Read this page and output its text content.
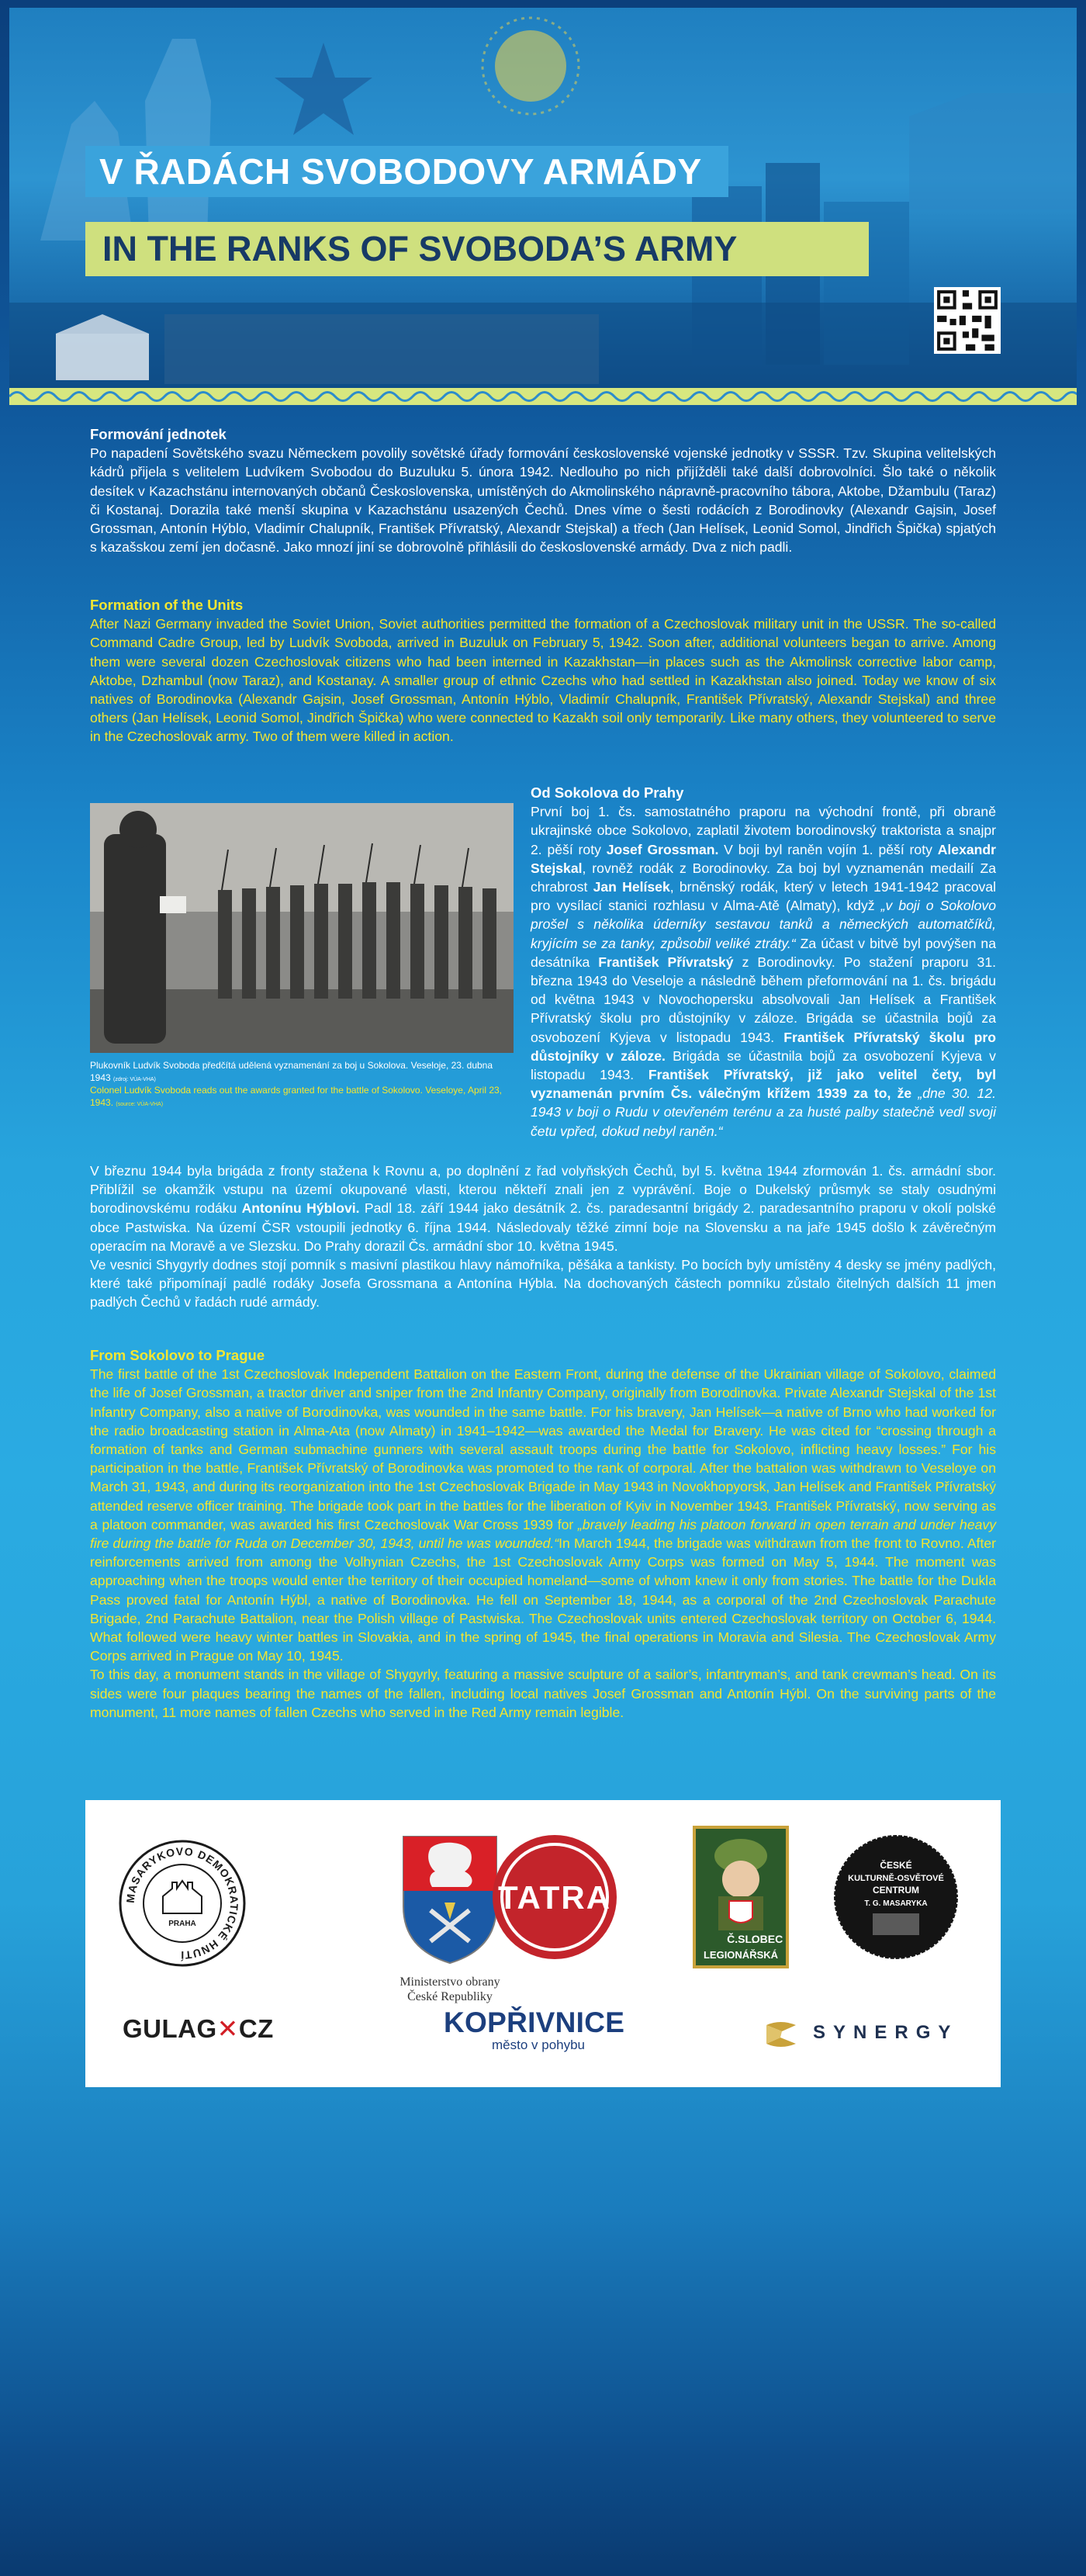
V ŘADÁCH SVOBODOVY ARMÁDY
IN THE RANKS OF SVOBODA’S ARMY
Formování jednotek

Po napadení Sovětského svazu Německem povolily sovětské úřady formování československé vojenské jednotky v SSSR. Tzv. Skupina velitelských kádrů přijela s velitelem Ludvíkem Svobodou do Buzuluku 5. února 1942. Nedlouho po nich přijížděli také další dobrovolníci. Šlo také o několik desítek v Kazachstánu internovaných občanů Československa, umístěných do Akmolinského nápravně-pracovního tábora, Aktobe, Džambulu (Taraz) či Kostanaj. Dorazila také menší skupina v Kazachstánu usazených Čechů. Dnes víme o šesti rodácích z Borodinovky (Alexandr Gajsin, Josef Grossman, Antonín Hýblo, Vladimír Chalupník, František Přívratský, Alexandr Stejskal) a třech (Jan Helísek, Leonid Somol, Jindřich Špička) spjatých s kazašskou zemí jen dočasně. Jako mnozí jiní se dobrovolně přihlásili do československé armády. Dva z nich padli.

Formation of the Units

After Nazi Germany invaded the Soviet Union, Soviet authorities permitted the formation of a Czechoslovak military unit in the USSR. The so-called Command Cadre Group, led by Ludvík Svoboda, arrived in Buzuluk on February 5, 1942. Soon after, additional volunteers began to arrive. Among them were several dozen Czechoslovak citizens who had been interned in Kazakhstan—in places such as the Akmolinsk corrective labor camp, Aktobe, Dzhambul (now Taraz), and Kostanay. A smaller group of ethnic Czechs who had settled in Kazakhstan also joined. Today we know of six natives of Borodinovka (Alexandr Gajsin, Josef Grossman, Antonín Hýblo, Vladimír Chalupník, František Přívratský, Alexandr Stejskal) and three others (Jan Helísek, Leonid Somol, Jindřich Špička) who were connected to Kazakh soil only temporarily. Like many others, they volunteered to serve in the Czechoslovak army. Two of them were killed in action.

Plukovník Ludvík Svoboda předčítá udělená vyznamenání za boj u Sokolova. Veselojе, 23. dubna 1943 (zdroj: VÚA-VHA)
Colonel Ludvík Svoboda reads out the awards granted for the battle of Sokolovo. Veseloye, April 23, 1943. (source: VÚA-VHA)
Od Sokolova do Prahy

První boj 1. čs. samostatného praporu na východní frontě, při obraně ukrajinské obce Sokolovo, zaplatil životem borodinovský traktorista a snajpr 2. pěší roty Josef Grossman. V boji byl raněn vojín 1. pěší roty Alexandr Stejskal, rovněž rodák z Borodinovky. Za boj byl vyznamenán medailí Za chrabrost Jan Helísek, brněnský rodák, který v letech 1941-1942 pracoval pro vysílací stanici rozhlasu v Alma-Atě (Almaty), když „v boji o Sokolovo prošel s několika úderníky sestavou tanků a německých automatčíků, kryjícím se za tanky, způsobil veliké ztráty.“ Za účast v bitvě byl povýšen na desátníka František Přívratský z Borodinovky. Po stažení praporu 31. března 1943 do Veseloje a následně během přeformování na 1. čs. brigádu od května 1943 v Novochopersku absolvovali Jan Helísek a František Přívratský školu pro důstojníky v záloze. Brigáda se účastnila bojů za osvobození Kyjeva v listopadu 1943. František Přívratský školu pro důstojníky v záloze. Brigáda se účastnila bojů za osvobození Kyjeva v listopadu 1943. František Přívratský, již jako velitel čety, byl vyznamenán prvním Čs. válečným křížem 1939 za to, že „dne 30. 12. 1943 v boji o Rudu v otevřeném terénu a za husté palby statečně vedl svoji četu vpřed, dokud nebyl raněn.“

V březnu 1944 byla brigáda z fronty stažena k Rovnu a, po doplnění z řad volyňských Čechů, byl 5. května 1944 zformován 1. čs. armádní sbor. Přiblížil se okamžik vstupu na území okupované vlasti, kterou někteří znali jen z vyprávění. Boje o Dukelský průsmyk se staly osudnými borodinovskému rodáku Antonínu Hýblovi. Padl 18. září 1944 jako desátník 2. čs. paradesantní brigády 2. paradesantního praporu v okolí polské obce Pastwiska. Na území ČSR vstoupili jednotky 6. října 1944. Následovaly těžké zimní boje na Slovensku a na jaře 1945 došlo k závěrečným operacím na Moravě a ve Slezsku. Do Prahy dorazil Čs. armádní sbor 10. května 1945.

Ve vesnici Shygyrly dodnes stojí pomník s masivní plastikou hlavy námořníka, pěšáka a tankisty. Po bocích byly umístěny 4 desky se jmény padlých, které také připomínají padlé rodáky Josefa Grossmana a Antonína Hýbla. Na dochovaných částech pomníku zůstalo čitelných dalších 11 jmen padlých Čechů v řadách rudé armády.

From Sokolovo to Prague

The first battle of the 1st Czechoslovak Independent Battalion on the Eastern Front, during the defense of the Ukrainian village of Sokolovo, claimed the life of Josef Grossman, a tractor driver and sniper from the 2nd Infantry Company, originally from Borodinovka. Private Alexandr Stejskal of the 1st Infantry Company, also a native of Borodinovka, was wounded in the same battle. For his bravery, Jan Helísek—a native of Brno who had worked for the radio broadcasting station in Alma-Ata (now Almaty) in 1941–1942—was awarded the Medal for Bravery. He was cited for “crossing through a formation of tanks and German submachine gunners with several assault troops during the battle for Sokolovo, inflicting heavy losses.” For his participation in the battle, František Přívratský of Borodinovka was promoted to the rank of corporal. After the battalion was withdrawn to Veseloye on March 31, 1943, and during its reorganization into the 1st Czechoslovak Brigade in May 1943 in Novokhopyorsk, Jan Helísek and František Přívratský attended reserve officer training. The brigade took part in the battles for the liberation of Kyiv in November 1943. František Přívratský, now serving as a platoon commander, was awarded his first Czechoslovak War Cross 1939 for „bravely leading his platoon forward in open terrain and under heavy fire during the battle for Ruda on December 30, 1943, until he was wounded.“In March 1944, the brigade was withdrawn from the front to Rovno. After reinforcements arrived from among the Volhynian Czechs, the 1st Czechoslovak Army Corps was formed on May 5, 1944. The moment was approaching when the troops would enter the territory of their occupied homeland—some of whom knew it only from stories. The battle for the Dukla Pass proved fatal for Antonín Hýbl, a native of Borodinovka. He fell on September 18, 1944, as a corporal of the 2nd Czechoslovak Parachute Brigade, 2nd Parachute Battalion, near the Polish village of Pastwiska. The Czechoslovak units entered Czechoslovak territory on October 6, 1944. What followed were heavy winter battles in Slovakia, and in the spring of 1945, the final operations in Moravia and Silesia. The Czechoslovak Army Corps arrived in Prague on May 10, 1945.

To this day, a monument stands in the village of Shygyrly, featuring a massive sculpture of a sailor’s, infantryman’s, and tank crewman’s head. On its sides were four plaques bearing the names of the fallen, including local natives Josef Grossman and Antonín Hýbl. On the surviving parts of the monument, 11 more names of fallen Czechs who served in the Red Army remain legible.

MASARYKOVO DEMOKRATICKÉ HNUTÍ
PRAHA
Ministerstvo obrany
České Republiky
TATRA
Č.SL.
OBEC
LEGIONÁŘSKÁ
ČESKÉ
KULTURNĚ-OSVĚTOVÉ
CENTRUM
T. G. MASARYKA
GULAG✕CZ	KOPŘIVNICE
město v pohybu
SYNERGY
